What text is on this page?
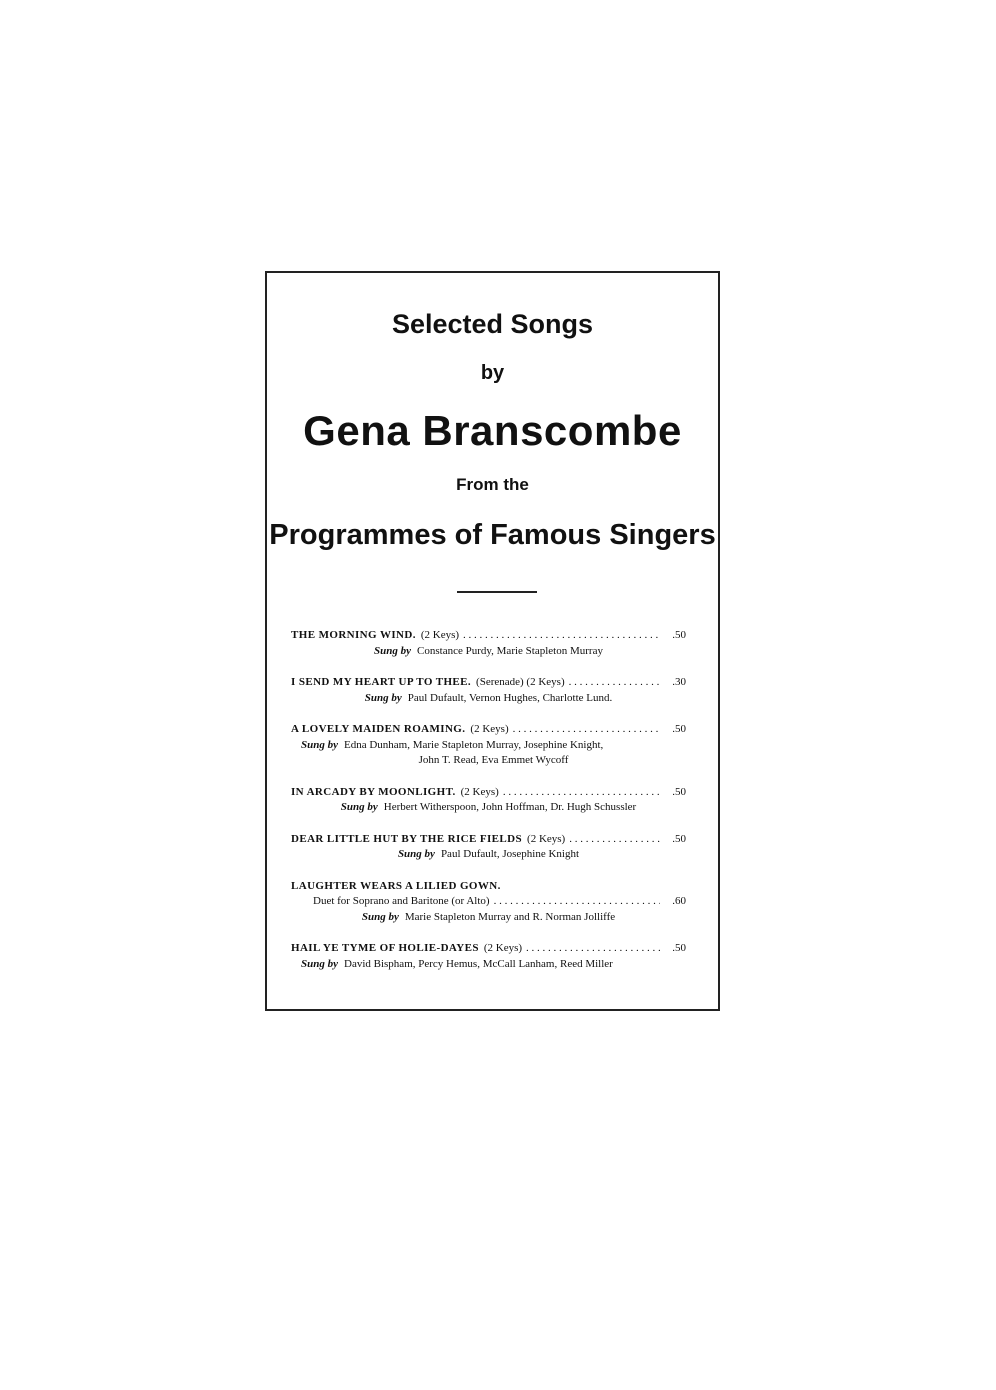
Selected Songs
by
Gena Branscombe
From the
Programmes of Famous Singers
THE MORNING WIND. (2 Keys) . . .	.50
Sung by Constance Purdy, Marie Stapleton Murray
I SEND MY HEART UP TO THEE. (Serenade) (2 Keys) . . .	.30
Sung by Paul Dufault, Vernon Hughes, Charlotte Lund.
A LOVELY MAIDEN ROAMING. (2 Keys) . . .	.50
Sung by Edna Dunham, Marie Stapleton Murray, Josephine Knight,
John T. Read, Eva Emmet Wycoff
IN ARCADY BY MOONLIGHT. (2 Keys) . . .	.50
Sung by Herbert Witherspoon, John Hoffman, Dr. Hugh Schussler
DEAR LITTLE HUT BY THE RICE FIELDS (2 Keys) . . .	.50
Sung by Paul Dufault, Josephine Knight
LAUGHTER WEARS A LILIED GOWN.
Duet for Soprano and Baritone (or Alto) . . .	.60
Sung by Marie Stapleton Murray and R. Norman Jolliffe
HAIL YE TYME OF HOLIE-DAYES (2 Keys) . . .	.50
Sung by David Bispham, Percy Hemus, McCall Lanham, Reed Miller
